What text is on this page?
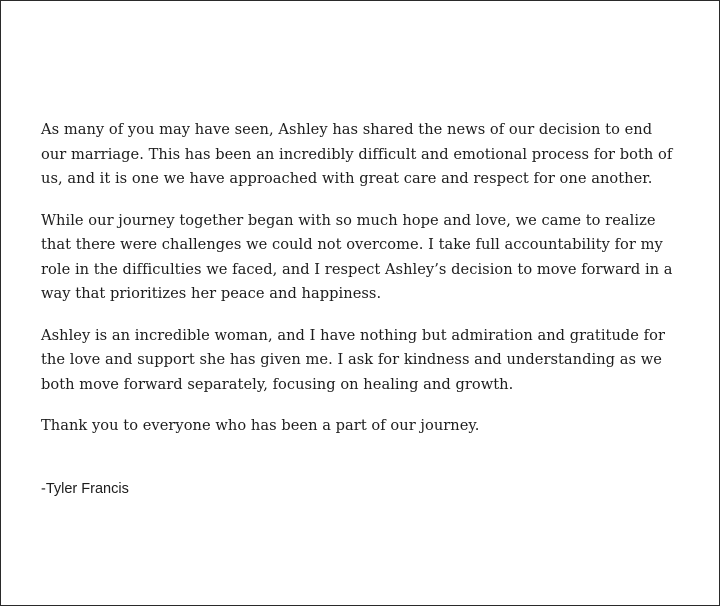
As many of you may have seen, Ashley has shared the news of our decision to end
our marriage. This has been an incredibly difficult and emotional process for both of
us, and it is one we have approached with great care and respect for one another.

While our journey together began with so much hope and love, we came to realize
that there were challenges we could not overcome. I take full accountability for my
role in the difficulties we faced, and I respect Ashley’s decision to move forward in a
way that prioritizes her peace and happiness.

Ashley is an incredible woman, and I have nothing but admiration and gratitude for
the love and support she has given me. I ask for kindness and understanding as we
both move forward separately, focusing on healing and growth.

Thank you to everyone who has been a part of our journey.

-Tyler Francis
